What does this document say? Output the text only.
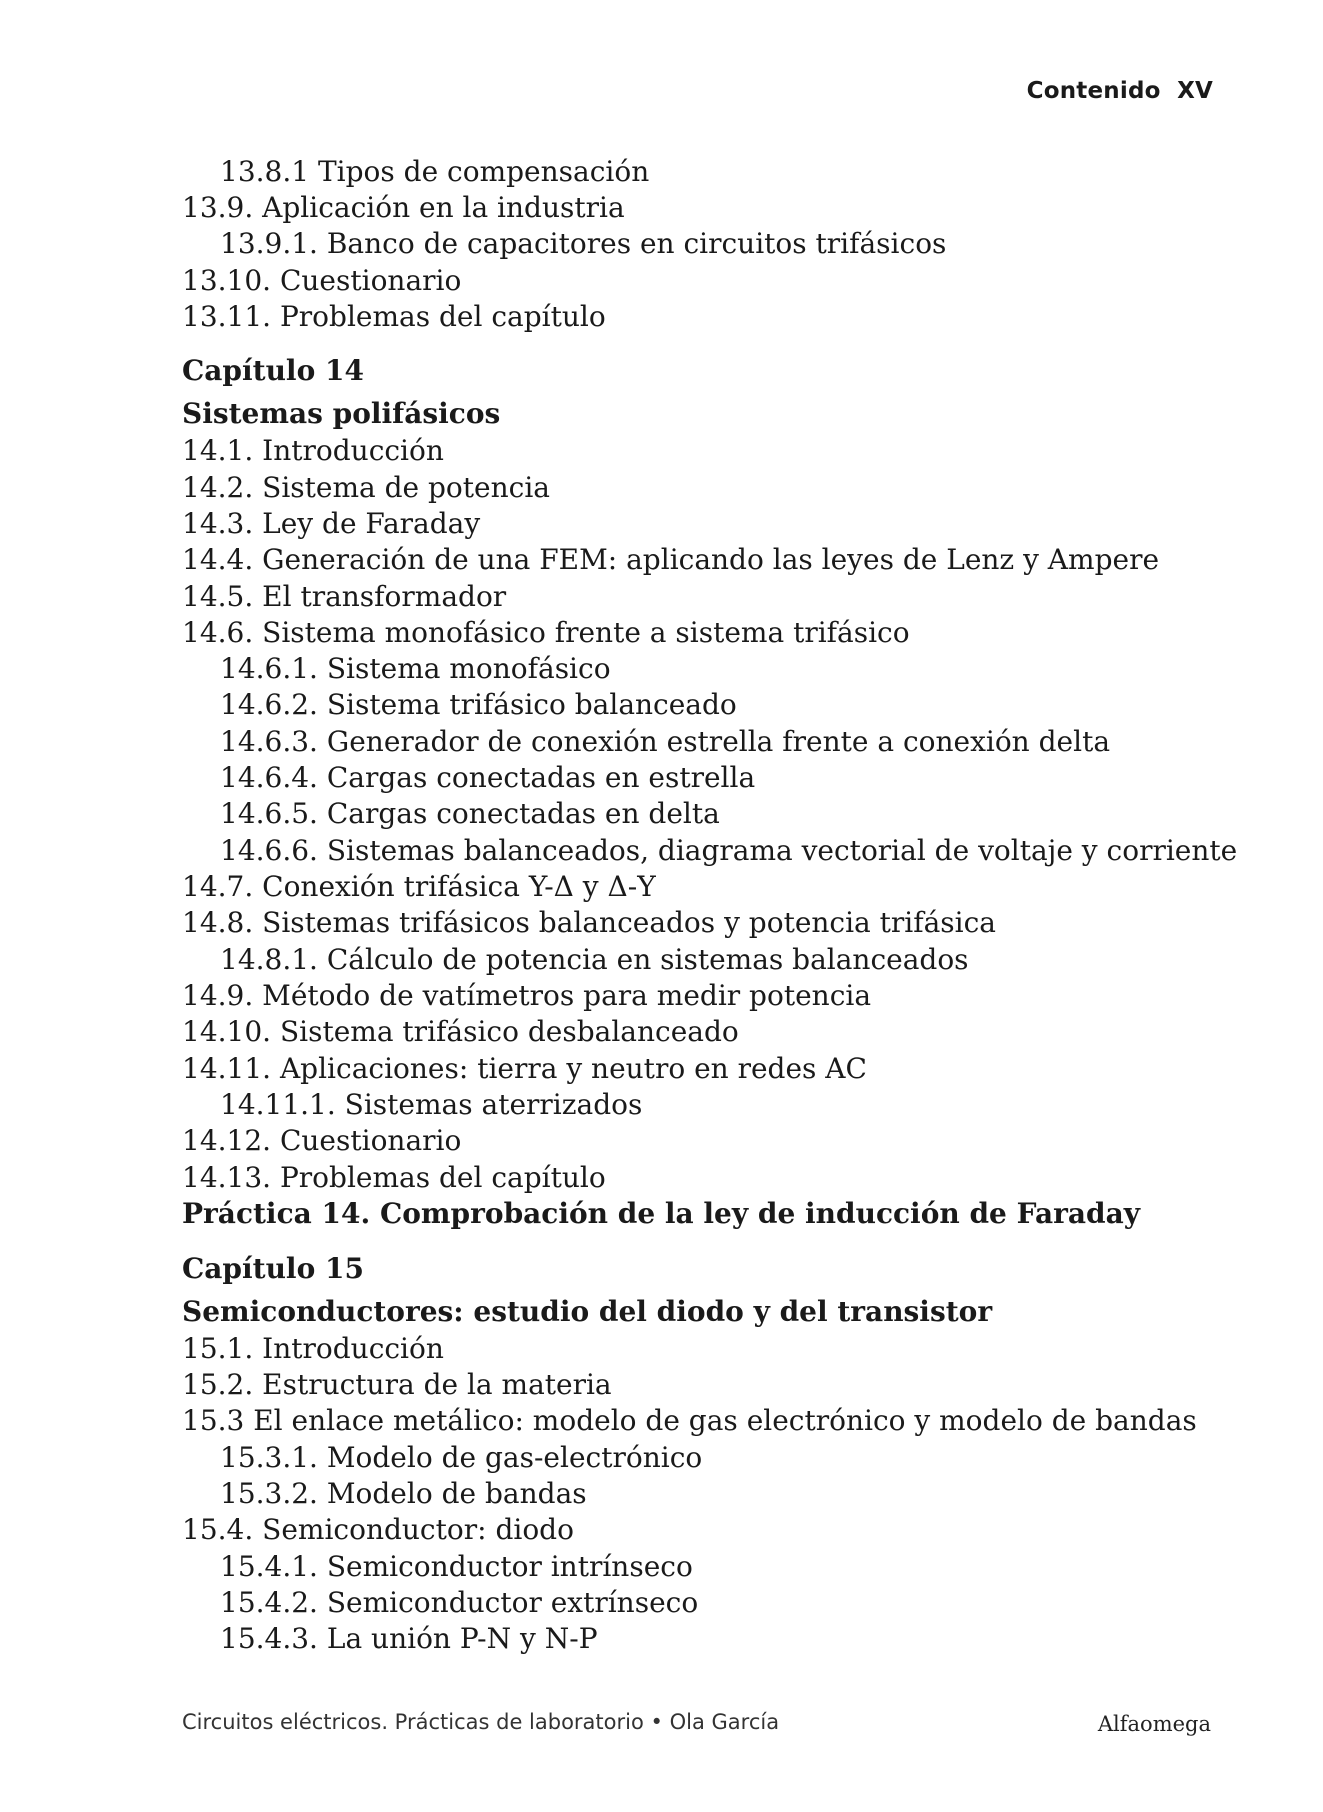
Contenido XV
13.8.1 Tipos de compensación
13.9. Aplicación en la industria
13.9.1. Banco de capacitores en circuitos trifásicos
13.10. Cuestionario
13.11. Problemas del capítulo
Capítulo 14
Sistemas polifásicos
14.1. Introducción
14.2. Sistema de potencia
14.3. Ley de Faraday
14.4. Generación de una FEM: aplicando las leyes de Lenz y Ampere
14.5. El transformador
14.6. Sistema monofásico frente a sistema trifásico
14.6.1. Sistema monofásico
14.6.2. Sistema trifásico balanceado
14.6.3. Generador de conexión estrella frente a conexión delta
14.6.4. Cargas conectadas en estrella
14.6.5. Cargas conectadas en delta
14.6.6. Sistemas balanceados, diagrama vectorial de voltaje y corriente
14.7. Conexión trifásica Y-Δ y Δ-Y
14.8. Sistemas trifásicos balanceados y potencia trifásica
14.8.1. Cálculo de potencia en sistemas balanceados
14.9. Método de vatímetros para medir potencia
14.10. Sistema trifásico desbalanceado
14.11. Aplicaciones: tierra y neutro en redes AC
14.11.1. Sistemas aterrizados
14.12. Cuestionario
14.13. Problemas del capítulo
Práctica 14. Comprobación de la ley de inducción de Faraday
Capítulo 15
Semiconductores: estudio del diodo y del transistor
15.1. Introducción
15.2. Estructura de la materia
15.3 El enlace metálico: modelo de gas electrónico y modelo de bandas
15.3.1. Modelo de gas-electrónico
15.3.2. Modelo de bandas
15.4. Semiconductor: diodo
15.4.1. Semiconductor intrínseco
15.4.2. Semiconductor extrínseco
15.4.3. La unión P-N y N-P
Circuitos eléctricos. Prácticas de laboratorio • Ola García	Alfaomega
